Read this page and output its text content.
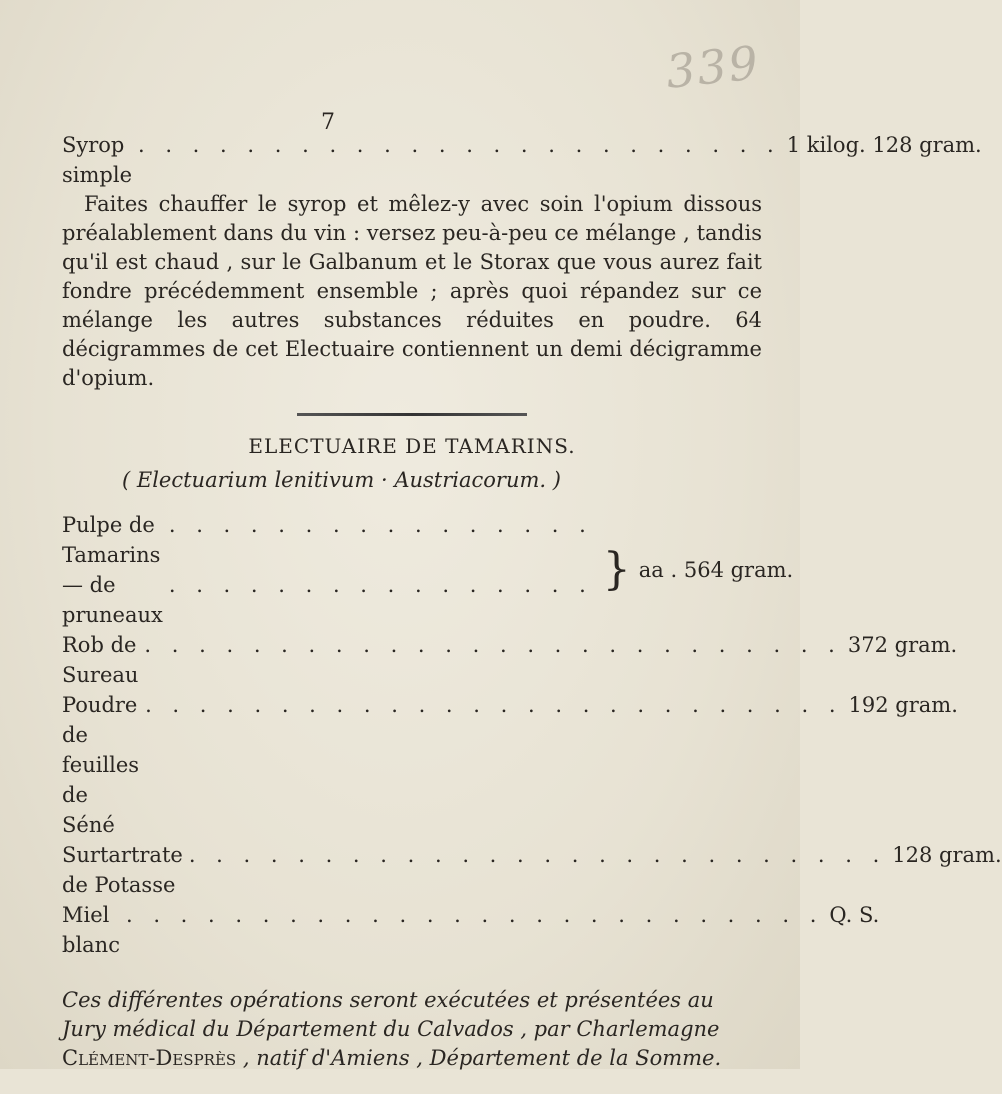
339
7
Syrop simple
. . . . . . . . . . . . . . . . . . . . . . . . 1 kilog. 128 gram.

Faites chauffer le syrop et mêlez-y avec soin l'opium dissous préalablement dans du vin : versez peu-à-peu ce mélange , tandis qu'il est chaud , sur le Galbanum et le Storax que vous aurez fait fondre précédemment ensemble ; après quoi répandez sur ce mélange les autres substances réduites en poudre. 64 décigrammes de cet Electuaire contiennent un demi décigramme d'opium.

ELECTUAIRE DE TAMARINS.
( Electuarium lenitivum · Austriacorum. )
Pulpe de Tamarins
. . . . . . . . . . . . . . . .
— de pruneaux
. . . . . . . . . . . . . . . . } aa . 564 gram.
Rob de Sureau
. . . . . . . . . . . . . . . . . . . . . . . . . . 372 gram.
Poudre de feuilles de Séné
. . . . . . . . . . . . . . . . . . . . . . . . . . 192 gram.
Surtartrate de Potasse
. . . . . . . . . . . . . . . . . . . . . . . . . . 128 gram.
Miel blanc
. . . . . . . . . . . . . . . . . . . . . . . . . . Q. S.

Ces différentes opérations seront exécutées et présentées au Jury médical du Département du Calvados , par Charlemagne Clément-Desprès , natif d'Amiens , Département de la Somme.
